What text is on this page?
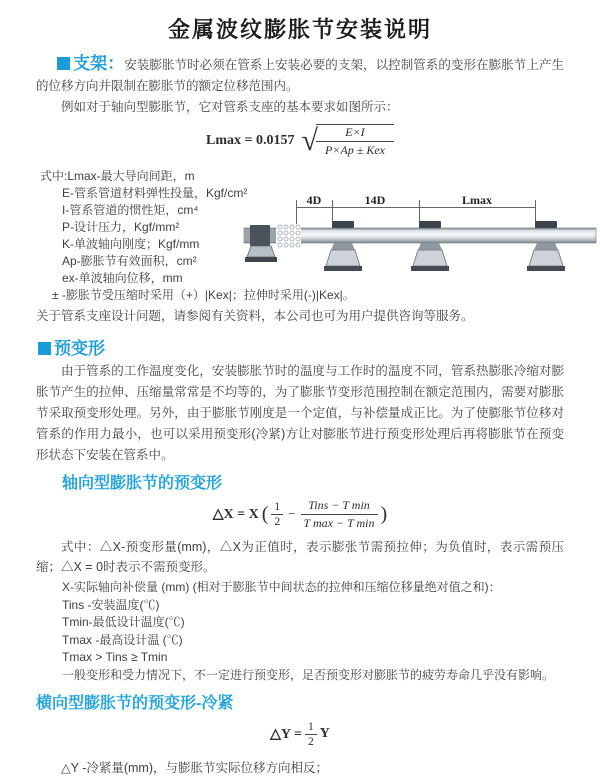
金属波纹膨胀节安装说明

支架：安装膨胀节时必须在管系上安装必要的支架，以控制管系的变形在膨胀节上产生的位移方向并限制在膨胀节的额定位移范围内。

例如对于轴向型膨胀节，它对管系支座的基本要求如图所示：

Lmax = 0.0157 √	E×I
P×Ap ± Kex
式中:Lmax-最大导向间距，m
E-管系管道材料弹性投量，Kgf/cm²
I-管系管道的惯性矩，cm⁴
P-设计压力，Kgf/mm²
K-单波轴向刚度；Kgf/mm
Ap-膨胀节有效面积，cm²
ex-单波轴向位移，mm
± -膨胀节受压缩时采用（+）|Kex|；拉伸时采用(-)|Kex|。

关于管系支座设计问题，请参阅有关资料，本公司也可为用户提供咨询等服务。

预变形

由于管系的工作温度变化，安装膨胀节时的温度与工作时的温度不同，管系热膨胀冷缩对膨胀节产生的拉伸、压缩量常常是不均等的，为了膨胀节变形范围控制在额定范围内，需要对膨胀节采取预变形处理。另外，由于膨胀节刚度是一个定值，与补偿量成正比。为了使膨胀节位移对管系的作用力最小，也可以采用预变形(冷紧)方让对膨胀节进行预变形处理后再将膨胀节在预变形状态下安装在管系中。

轴向型膨胀节的预变形
△X = X ( $\frac{1}{2} - \frac{\text{Tins − T min}}{\text{T max − T min}}$ )

式中：△X-预变形量(mm)，△X为正值时，表示膨张节需预拉伸；为负值时，表示需预压缩；△X = 0时表示不需预变形。

X-实际轴向补偿量 (mm) (相对于膨胀节中间状态的拉伸和压缩位移量绝对值之和)：
Tins -安装温度(℃)
Tmin-最低设计温度(℃)
Tmax -最高设计温 (℃)
Tmax > Tins ≥ Tmin
一般变形和受力情况下，不一定进行预变形，足否预变形对膨胀节的疲劳寿命几乎没有影响。
横向型膨胀节的预变形-冷紧
△Y = $\frac{1}{2}$ Y

△Y -冷紧量(mm)，与膨胀节实际位移方向相反；

4D	14D	Lmax
